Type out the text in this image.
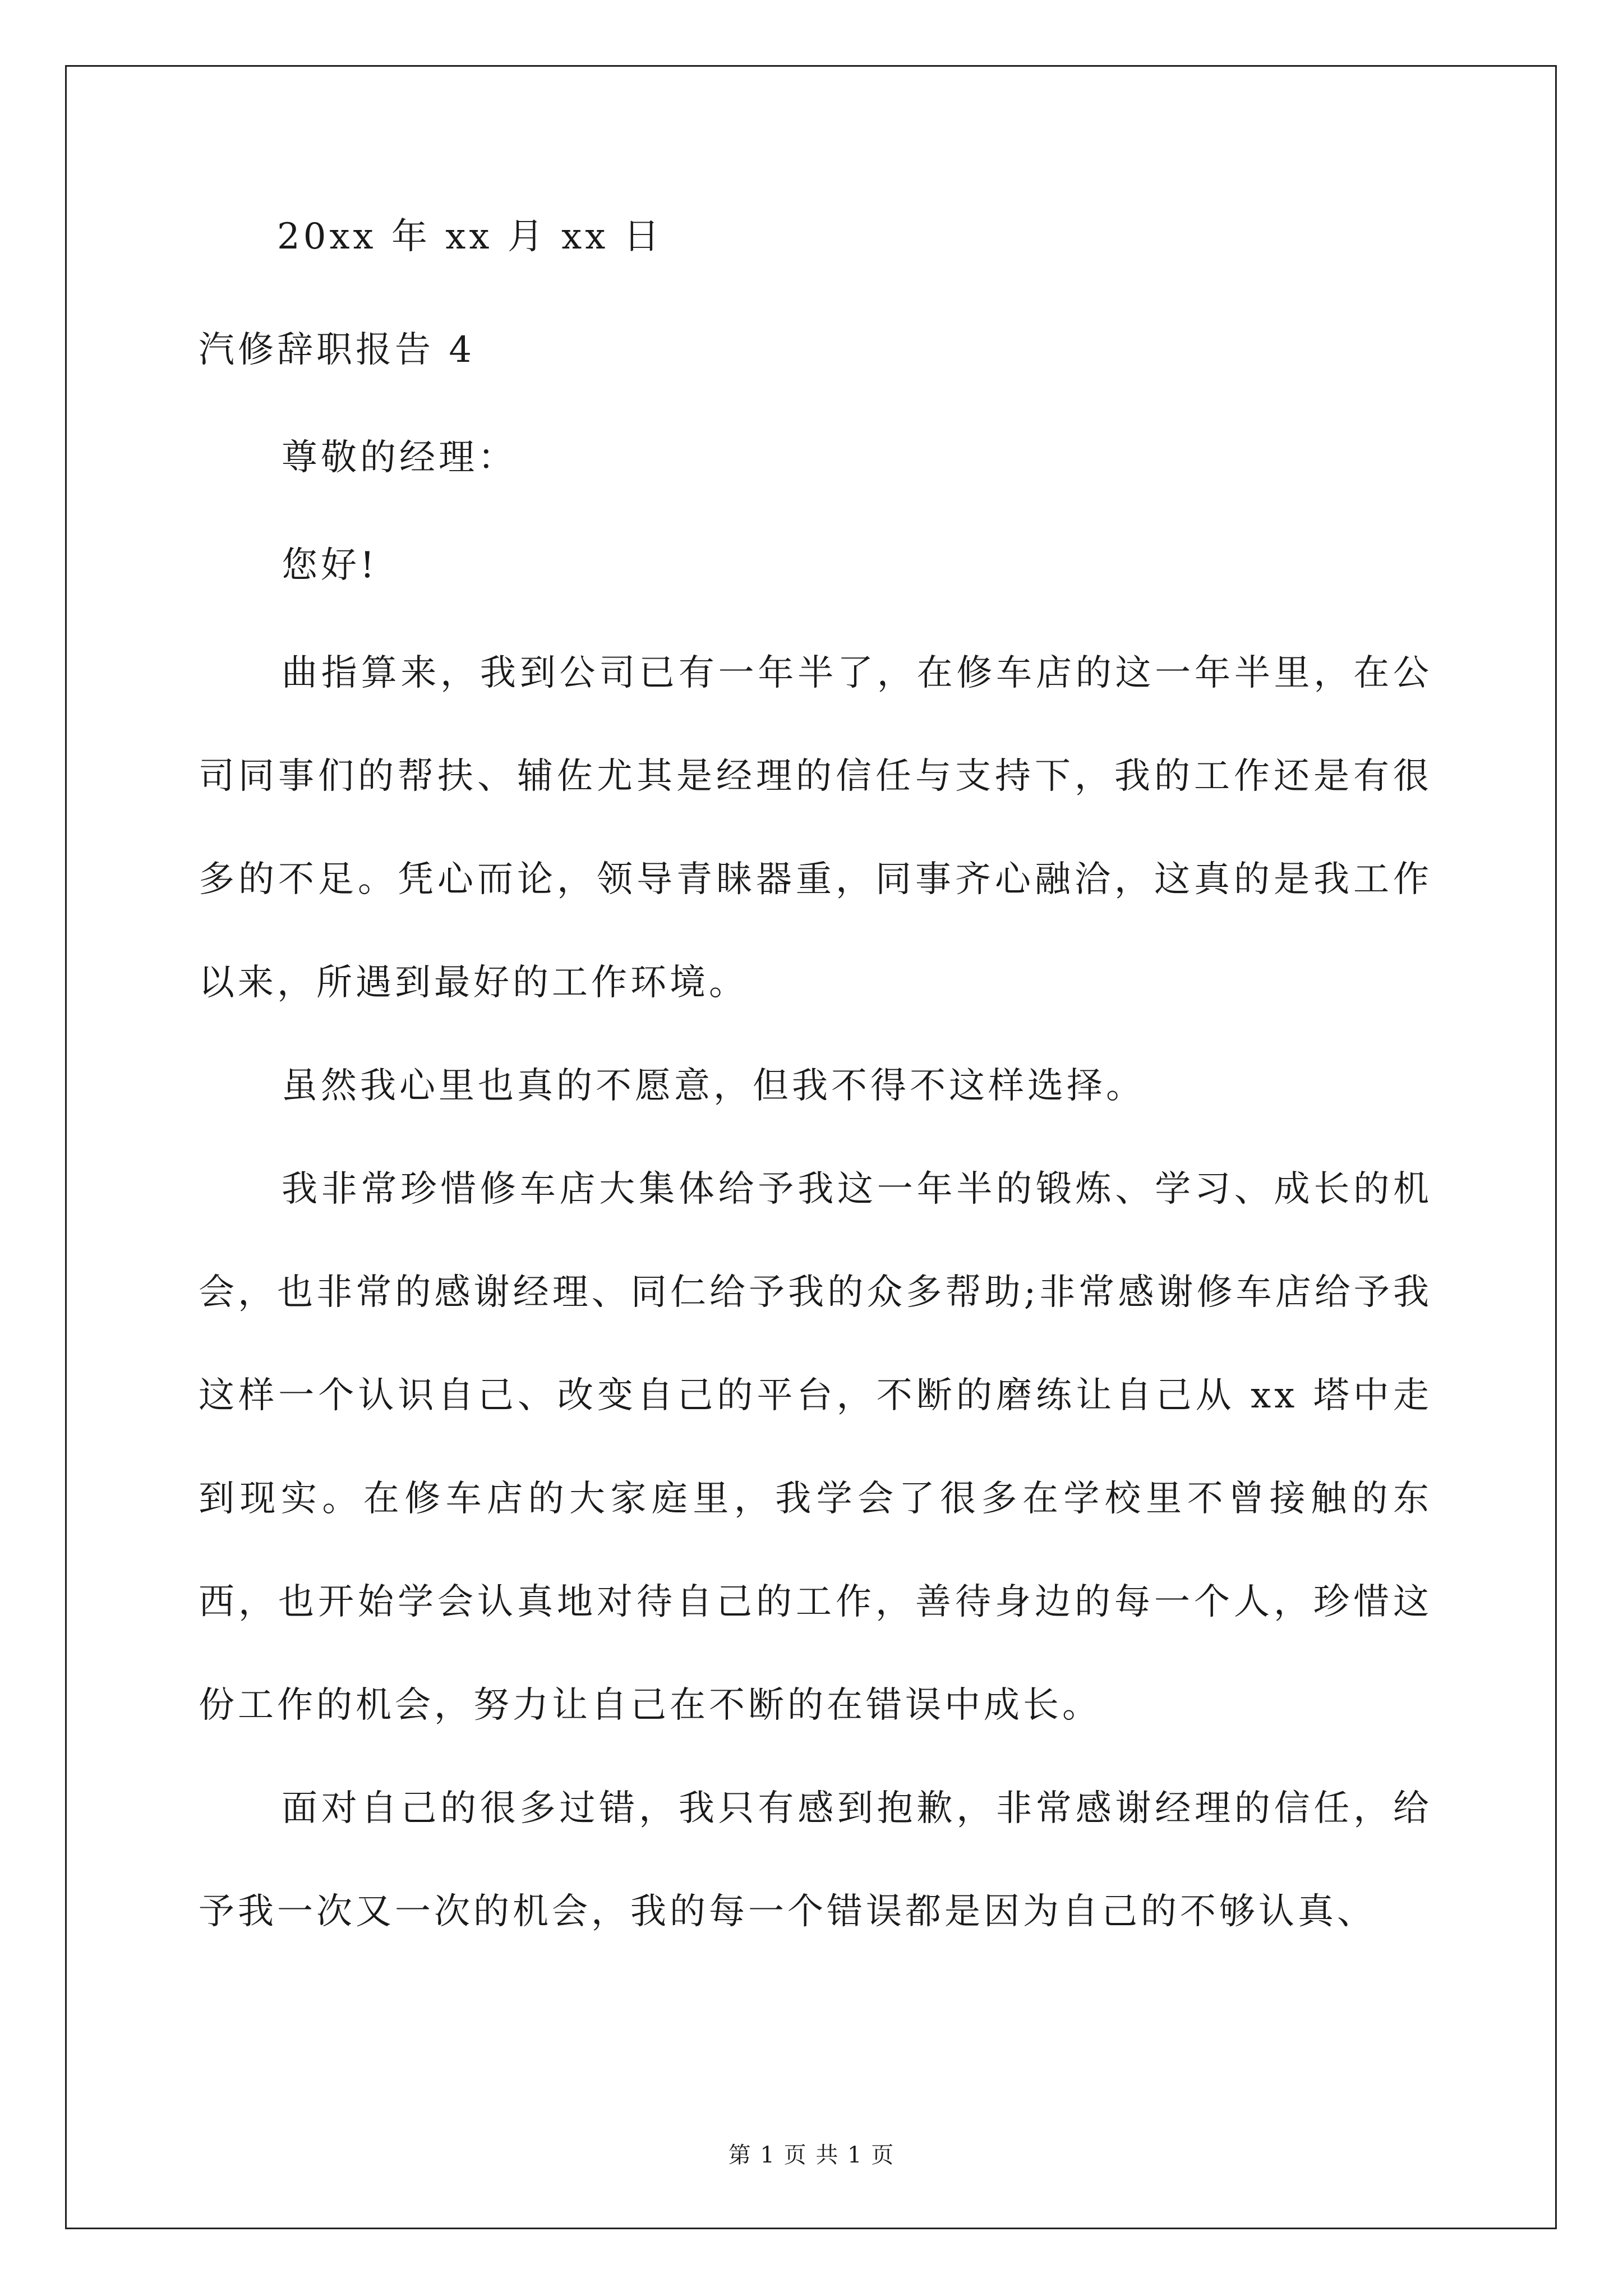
20xx 年 xx 月 xx 日
汽修辞职报告 4
尊敬的经理：
您好!

曲指算来，我到公司已有一年半了，在修车店的这一年半里，在公司同事们的帮扶、辅佐尤其是经理的信任与支持下，我的工作还是有很多的不足。凭心而论，领导青睐器重，同事齐心融洽，这真的是我工作以来，所遇到最好的工作环境。

虽然我心里也真的不愿意，但我不得不这样选择。

我非常珍惜修车店大集体给予我这一年半的锻炼、学习、成长的机会，也非常的感谢经理、同仁给予我的众多帮助;非常感谢修车店给予我这样一个认识自己、改变自己的平台，不断的磨练让自己从 xx 塔中走到现实。在修车店的大家庭里，我学会了很多在学校里不曾接触的东西，也开始学会认真地对待自己的工作，善待身边的每一个人，珍惜这份工作的机会，努力让自己在不断的在错误中成长。

面对自己的很多过错，我只有感到抱歉，非常感谢经理的信任，给予我一次又一次的机会，我的每一个错误都是因为自己的不够认真、

第 1 页 共 1 页
